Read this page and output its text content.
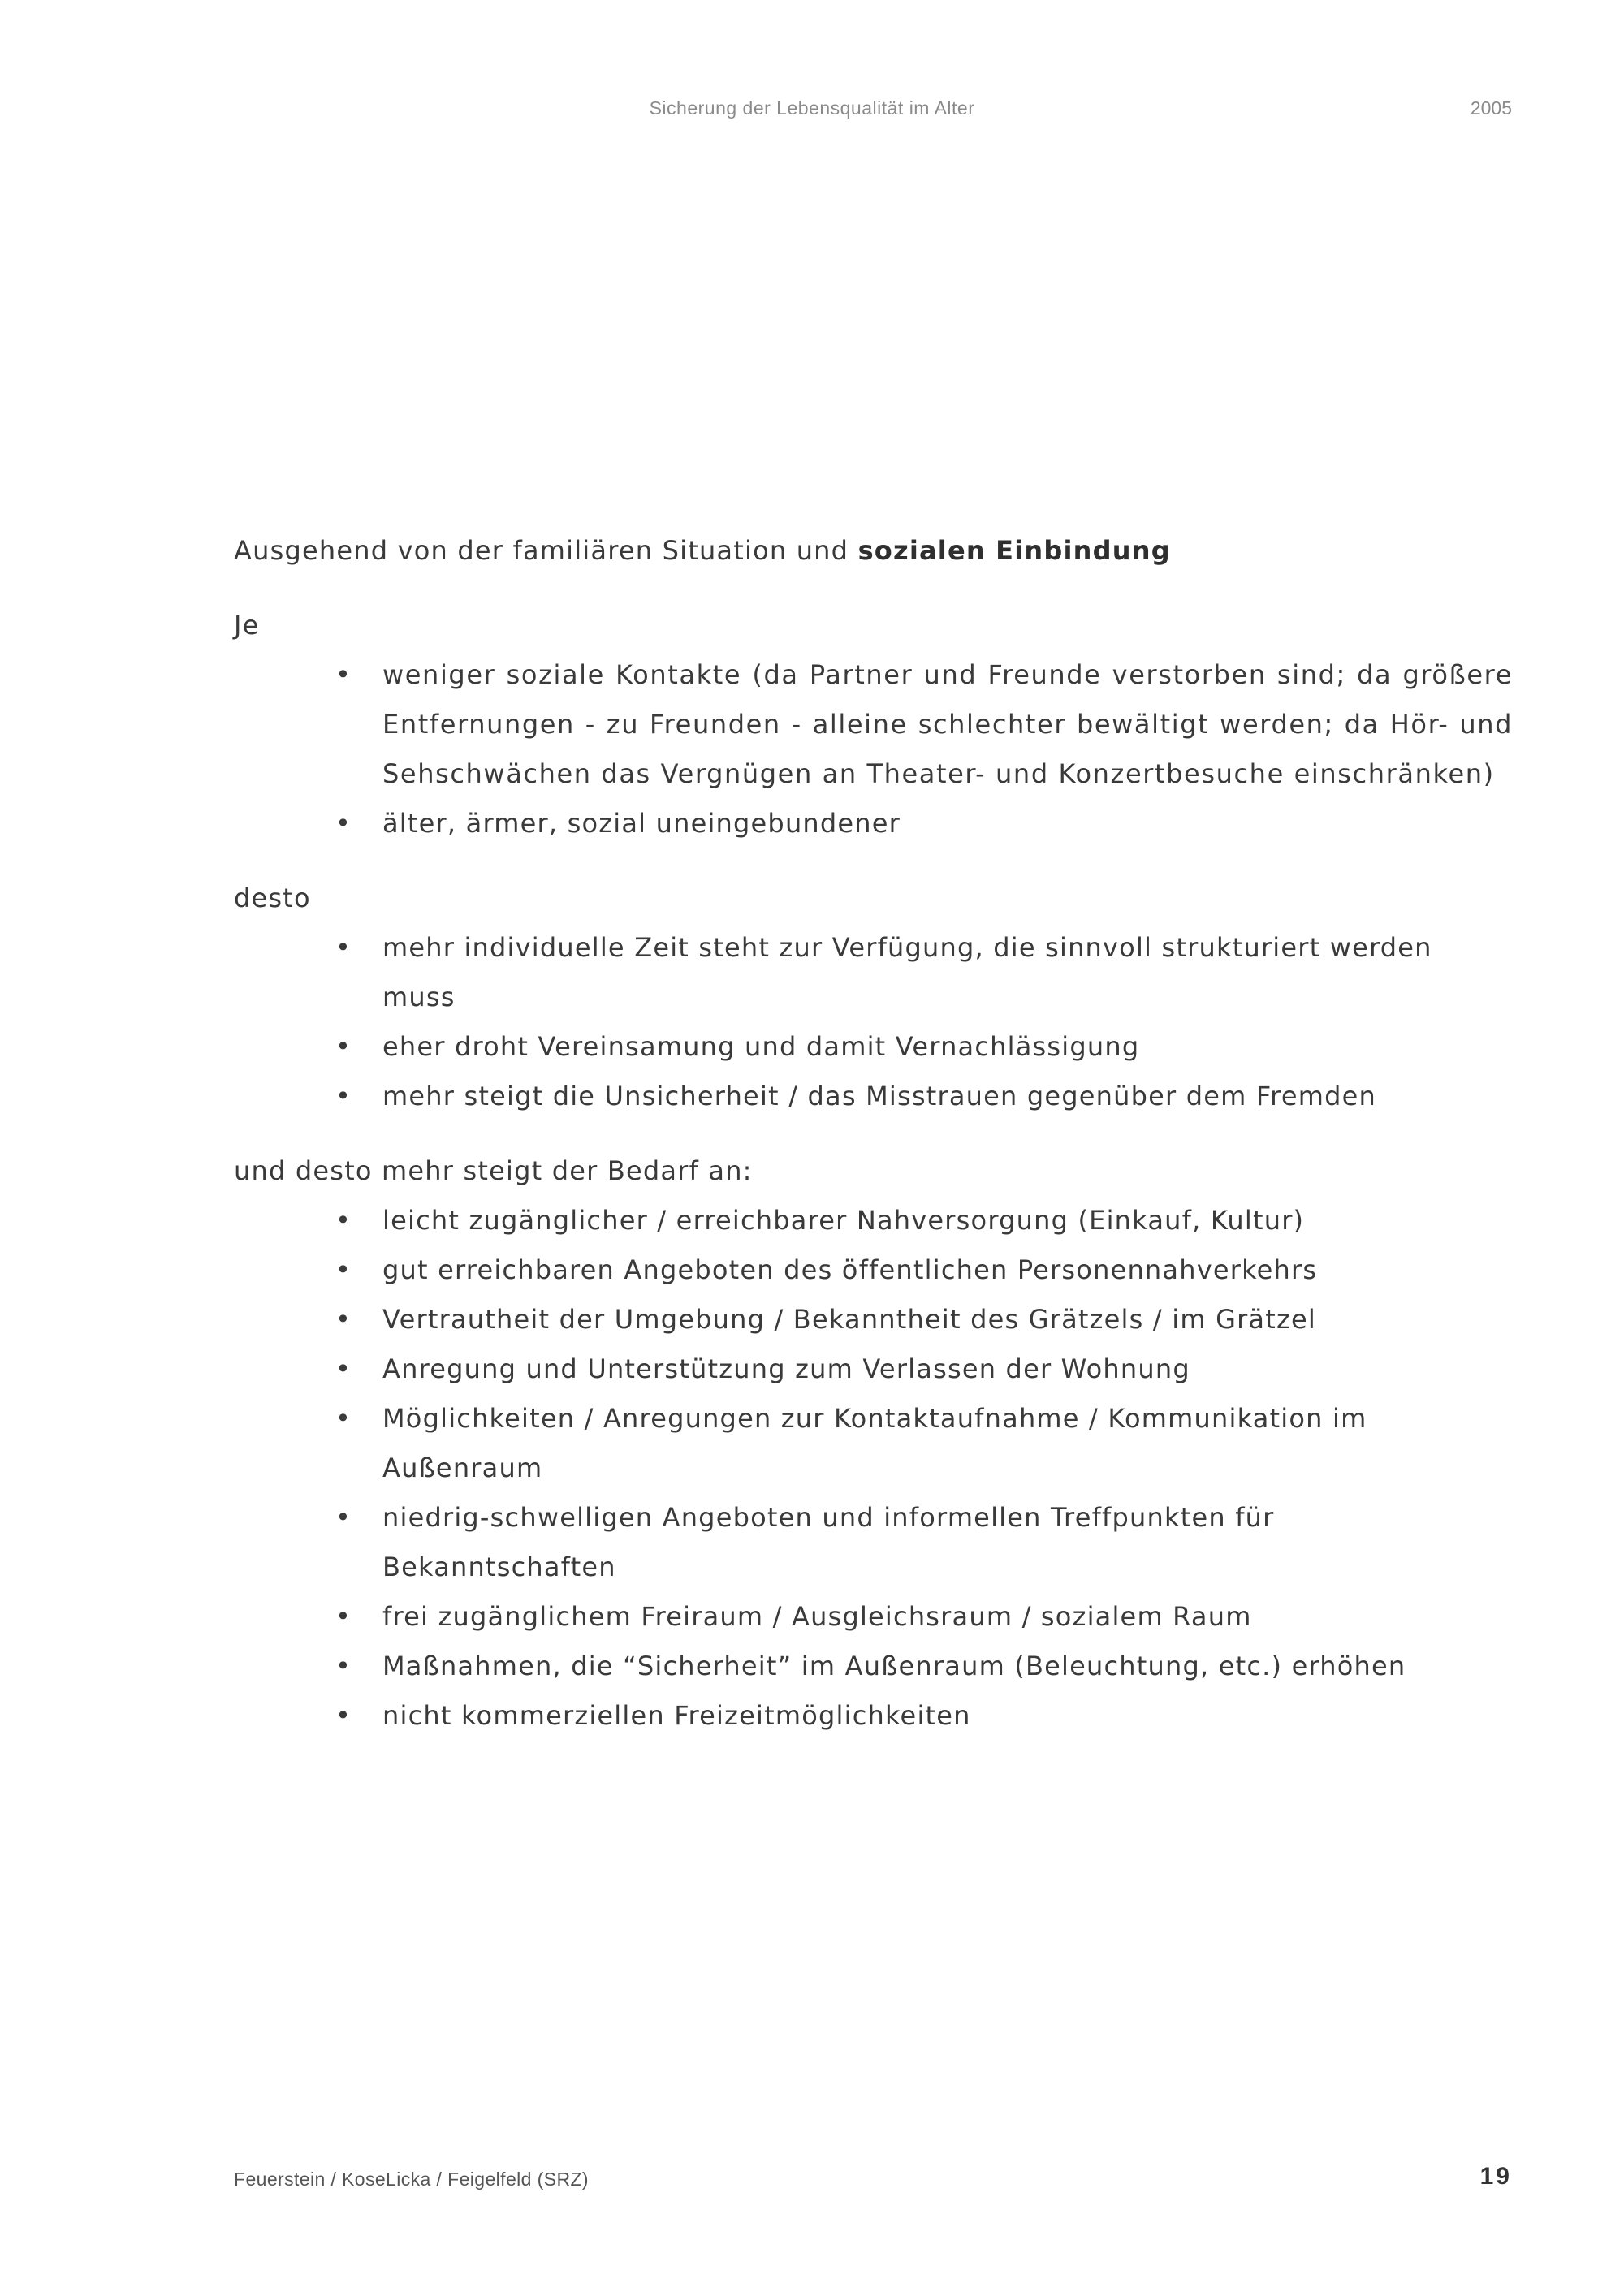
Sicherung der Lebensqualität im Alter	2005

Ausgehend von der familiären Situation und sozialen Einbindung

Je

• weniger soziale Kontakte (da Partner und Freunde verstorben sind; da größere Entfernungen - zu Freunden - alleine schlechter bewältigt werden; da Hör- und Sehschwächen das Vergnügen an Theater- und Konzertbesuche einschränken)
• älter, ärmer, sozial uneingebundener

desto

• mehr individuelle Zeit steht zur Verfügung, die sinnvoll strukturiert werden muss
• eher droht Vereinsamung und damit Vernachlässigung
• mehr steigt die Unsicherheit / das Misstrauen gegenüber dem Fremden

und desto mehr steigt der Bedarf an:

• leicht zugänglicher / erreichbarer Nahversorgung (Einkauf, Kultur)
• gut erreichbaren Angeboten des öffentlichen Personennahverkehrs
• Vertrautheit der Umgebung / Bekanntheit des Grätzels / im Grätzel
• Anregung und Unterstützung zum Verlassen der Wohnung
• Möglichkeiten / Anregungen zur Kontaktaufnahme / Kommunikation im Außenraum
• niedrig-schwelligen Angeboten und informellen Treffpunkten für Bekanntschaften
• frei zugänglichem Freiraum / Ausgleichsraum / sozialem Raum
• Maßnahmen, die “Sicherheit” im Außenraum (Beleuchtung, etc.) erhöhen
• nicht kommerziellen Freizeitmöglichkeiten
Feuerstein / KoseLicka / Feigelfeld (SRZ)	19
